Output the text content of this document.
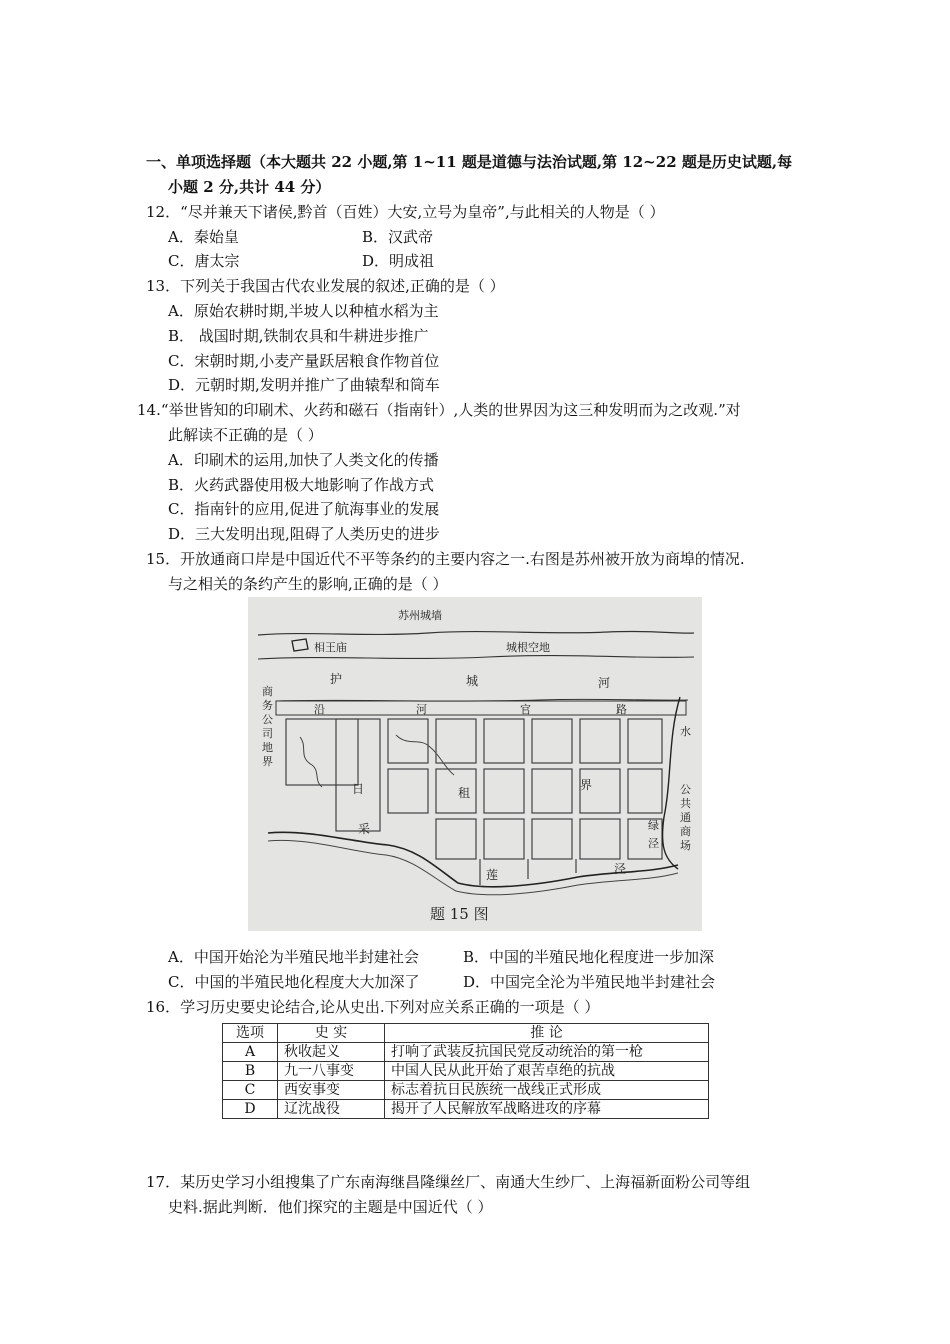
一、单项选择题（本大题共 22 小题,第 1~11 题是道德与法治试题,第 12~22 题是历史试题,每
小题 2 分,共计 44 分）
12．“尽并兼天下诸侯,黔首（百姓）大安,立号为皇帝”,与此相关的人物是（ ）
A．秦始皇	B．汉武帝
C．唐太宗	D．明成祖
13．下列关于我国古代农业发展的叙述,正确的是（ ）
A．原始农耕时期,半坡人以种植水稻为主
B． 战国时期,铁制农具和牛耕进步推广
C．宋朝时期,小麦产量跃居粮食作物首位
D．元朝时期,发明并推广了曲辕犁和筒车
14.“举世皆知的印刷术、火药和磁石（指南针）,人类的世界因为这三种发明而为之改观.”对
此解读不正确的是（ ）
A．印刷术的运用,加快了人类文化的传播
B．火药武器使用极大地影响了作战方式
C．指南针的应用,促进了航海事业的发展
D．三大发明出现,阻碍了人类历史的进步
15．开放通商口岸是中国近代不平等条约的主要内容之一.右图是苏州被开放为商埠的情况.
与之相关的条约产生的影响,正确的是（ ）
苏州城墙
相王庙	城根空地
护	城	河
沿	河	官	路
商
务
公
司
地
界
日	租
界
采
莲	泾
水
绿
泾
公
共
通
商
场
题 15 图
A．中国开始沦为半殖民地半封建社会	B．中国的半殖民地化程度进一步加深
C．中国的半殖民地化程度大大加深了	D．中国完全沦为半殖民地半封建社会
16．学习历史要史论结合,论从史出.下列对应关系正确的一项是（ ）
选项	史 实	推 论
A	秋收起义	打响了武装反抗国民党反动统治的第一枪
B	九一八事变	中国人民从此开始了艰苦卓绝的抗战
C	西安事变	标志着抗日民族统一战线正式形成
D	辽沈战役	揭开了人民解放军战略进攻的序幕
17．某历史学习小组搜集了广东南海继昌隆缫丝厂、南通大生纱厂、上海福新面粉公司等组
史料.据此判断．他们探究的主题是中国近代（ ）
